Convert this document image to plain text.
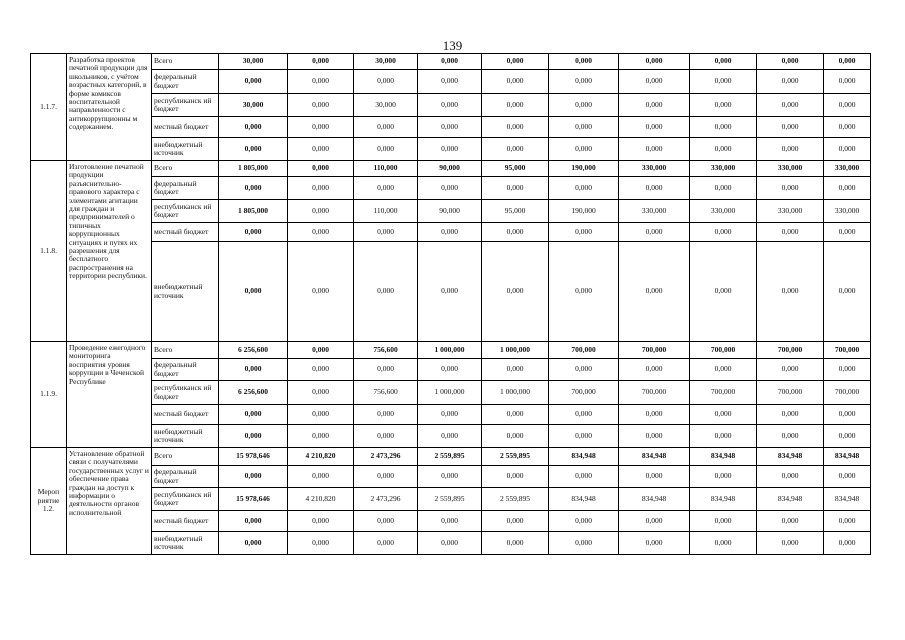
139
1.1.7.	Разработка проектов печатной продукции для школьников, с учётом возрастных категорий, в форме комиксов воспитательной направленности с антикоррупционны м содержанием.	Всего	30,000	0,000	30,000	0,000	0,000	0,000	0,000	0,000	0,000	0,000
		федеральный бюджет	0,000	0,000	0,000	0,000	0,000	0,000	0,000	0,000	0,000	0,000
		республиканск ий бюджет	30,000	0,000	30,000	0,000	0,000	0,000	0,000	0,000	0,000	0,000
		местный бюджет	0,000	0,000	0,000	0,000	0,000	0,000	0,000	0,000	0,000	0,000
		внебюджетный источник	0,000	0,000	0,000	0,000	0,000	0,000	0,000	0,000	0,000	0,000
1.1.8.	Изготовление печатной продукции разъяснительно-правового характера с элементами агитации для граждан и предпринимателей о типичных коррупционных ситуациях и путях их разрешения для бесплатного распространения на территории республики.	Всего	1 805,000	0,000	110,000	90,000	95,000	190,000	330,000	330,000	330,000	330,000
		федеральный бюджет	0,000	0,000	0,000	0,000	0,000	0,000	0,000	0,000	0,000	0,000
		республиканск ий бюджет	1 805,000	0,000	110,000	90,000	95,000	190,000	330,000	330,000	330,000	330,000
		местный бюджет	0,000	0,000	0,000	0,000	0,000	0,000	0,000	0,000	0,000	0,000
		внебюджетный источник	0,000	0,000	0,000	0,000	0,000	0,000	0,000	0,000	0,000	0,000
1.1.9.	Проведение ежегодного мониторинга восприятия уровня коррупции в Чеченской Республике	Всего	6 256,600	0,000	756,600	1 000,000	1 000,000	700,000	700,000	700,000	700,000	700,000
		федеральный бюджет	0,000	0,000	0,000	0,000	0,000	0,000	0,000	0,000	0,000	0,000
		республиканск ий бюджет	6 256,600	0,000	756,600	1 000,000	1 000,000	700,000	700,000	700,000	700,000	700,000
		местный бюджет	0,000	0,000	0,000	0,000	0,000	0,000	0,000	0,000	0,000	0,000
		внебюджетный источник	0,000	0,000	0,000	0,000	0,000	0,000	0,000	0,000	0,000	0,000
Мероп риятие 1.2.	Установление обратной связи с получателями государственных услуг и обеспечение права граждан на доступ к информации о деятельности органов исполнительной	Всего	15 978,646	4 210,820	2 473,296	2 559,895	2 559,895	834,948	834,948	834,948	834,948	834,948
		федеральный бюджет	0,000	0,000	0,000	0,000	0,000	0,000	0,000	0,000	0,000	0,000
		республиканск ий бюджет	15 978,646	4 210,820	2 473,296	2 559,895	2 559,895	834,948	834,948	834,948	834,948	834,948
		местный бюджет	0,000	0,000	0,000	0,000	0,000	0,000	0,000	0,000	0,000	0,000
		внебюджетный источник	0,000	0,000	0,000	0,000	0,000	0,000	0,000	0,000	0,000	0,000
